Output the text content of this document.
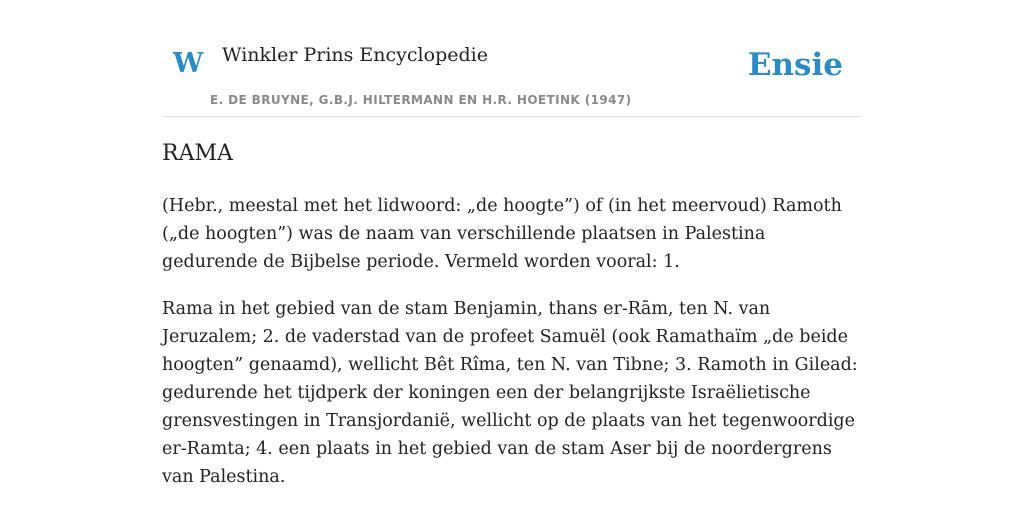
W Winkler Prins Encyclopedie	Ensie
E. DE BRUYNE, G.B.J. HILTERMANN EN H.R. HOETINK (1947)
RAMA

(Hebr., meestal met het lidwoord: „de hoogte”) of (in het meervoud) Ramoth („de hoogten”) was de naam van verschillende plaatsen in Palestina gedurende de Bijbelse periode. Vermeld worden vooral: 1.

Rama in het gebied van de stam Benjamin, thans er-Rām, ten N. van Jeruzalem; 2. de vaderstad van de profeet Samuël (ook Ramathaïm „de beide hoogten” genaamd), wellicht Bêt Rîma, ten N. van Tibne; 3. Ramoth in Gilead: gedurende het tijdperk der koningen een der belangrijkste Israëlietische grensvestingen in Transjordanië, wellicht op de plaats van het tegenwoordige er-Ramta; 4. een plaats in het gebied van de stam Aser bij de noordergrens van Palestina.
